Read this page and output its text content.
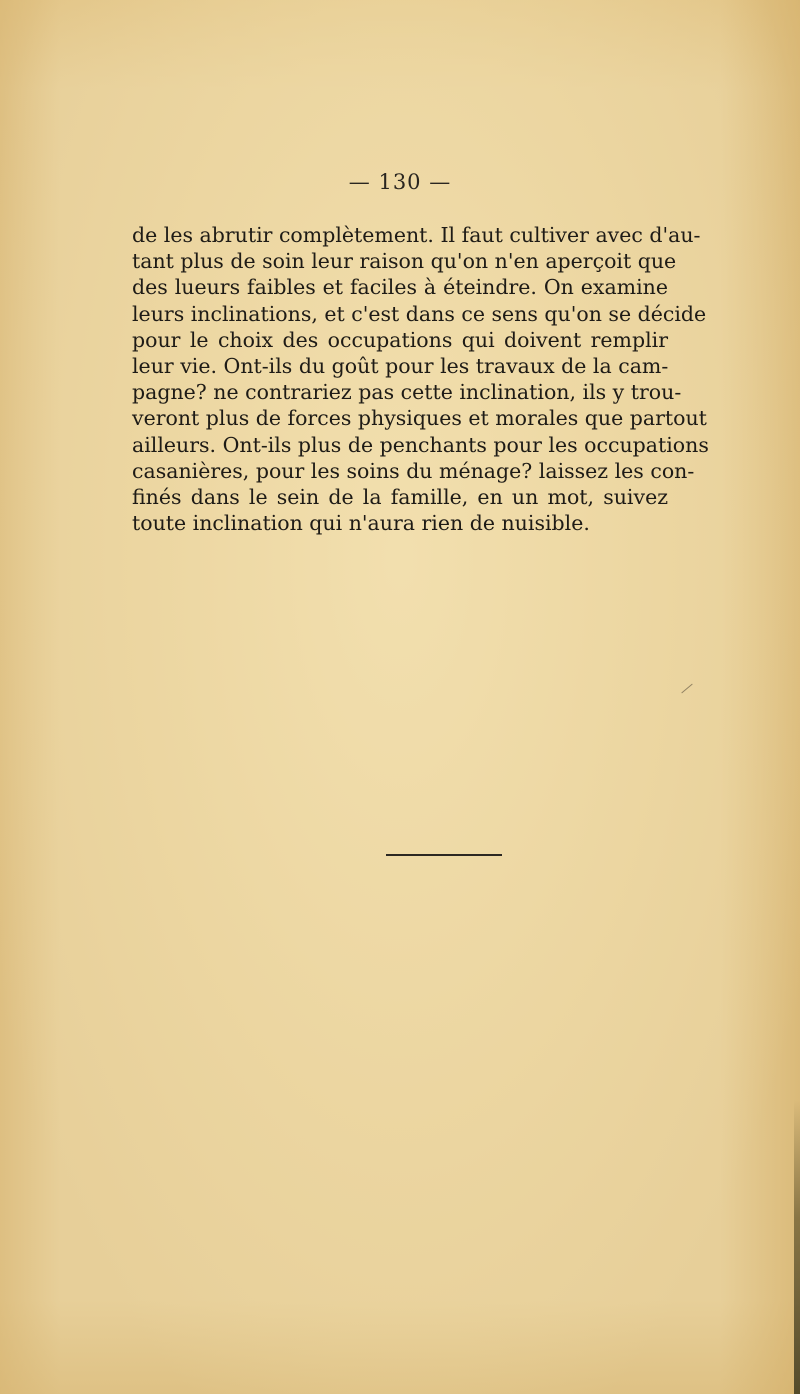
— 130 —

de les abrutir complètement. Il faut cultiver avec d'au-
tant plus de soin leur raison qu'on n'en aperçoit que
des lueurs faibles et faciles à éteindre. On examine
leurs inclinations, et c'est dans ce sens qu'on se décide
pour le choix des occupations qui doivent remplir
leur vie. Ont-ils du goût pour les travaux de la cam-
pagne? ne contrariez pas cette inclination, ils y trou-
veront plus de forces physiques et morales que partout
ailleurs. Ont-ils plus de penchants pour les occupations
casanières, pour les soins du ménage? laissez les con-
finés dans le sein de la famille, en un mot, suivez
toute inclination qui n'aura rien de nuisible.
